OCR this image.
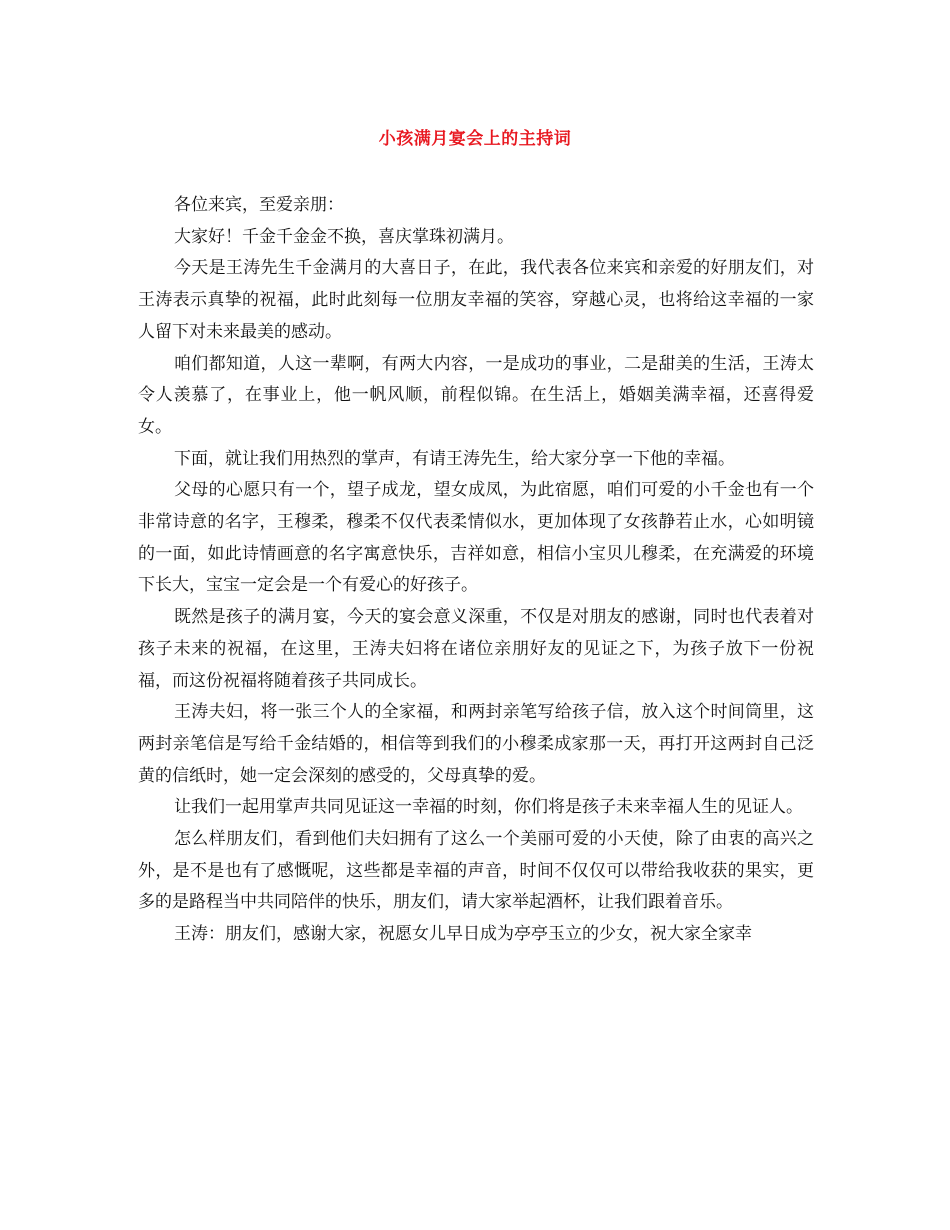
小孩满月宴会上的主持词

各位来宾，至爱亲朋：

大家好！千金千金金不换，喜庆掌珠初满月。

今天是王涛先生千金满月的大喜日子，在此，我代表各位来宾和亲爱的好朋友们，对王涛表示真挚的祝福，此时此刻每一位朋友幸福的笑容，穿越心灵，也将给这幸福的一家人留下对未来最美的感动。

咱们都知道，人这一辈啊，有两大内容，一是成功的事业，二是甜美的生活，王涛太令人羡慕了，在事业上，他一帆风顺，前程似锦。在生活上，婚姻美满幸福，还喜得爱女。

下面，就让我们用热烈的掌声，有请王涛先生，给大家分享一下他的幸福。

父母的心愿只有一个，望子成龙，望女成凤，为此宿愿，咱们可爱的小千金也有一个非常诗意的名字，王穆柔，穆柔不仅代表柔情似水，更加体现了女孩静若止水，心如明镜的一面，如此诗情画意的名字寓意快乐，吉祥如意，相信小宝贝儿穆柔，在充满爱的环境下长大，宝宝一定会是一个有爱心的好孩子。

既然是孩子的满月宴，今天的宴会意义深重，不仅是对朋友的感谢，同时也代表着对孩子未来的祝福，在这里，王涛夫妇将在诸位亲朋好友的见证之下，为孩子放下一份祝福，而这份祝福将随着孩子共同成长。

王涛夫妇，将一张三个人的全家福，和两封亲笔写给孩子信，放入这个时间筒里，这两封亲笔信是写给千金结婚的，相信等到我们的小穆柔成家那一天，再打开这两封自己泛黄的信纸时，她一定会深刻的感受的，父母真挚的爱。

让我们一起用掌声共同见证这一幸福的时刻，你们将是孩子未来幸福人生的见证人。

怎么样朋友们，看到他们夫妇拥有了这么一个美丽可爱的小天使，除了由衷的高兴之外，是不是也有了感慨呢，这些都是幸福的声音，时间不仅仅可以带给我收获的果实，更多的是路程当中共同陪伴的快乐，朋友们，请大家举起酒杯，让我们跟着音乐。

王涛：朋友们，感谢大家，祝愿女儿早日成为亭亭玉立的少女，祝大家全家幸
